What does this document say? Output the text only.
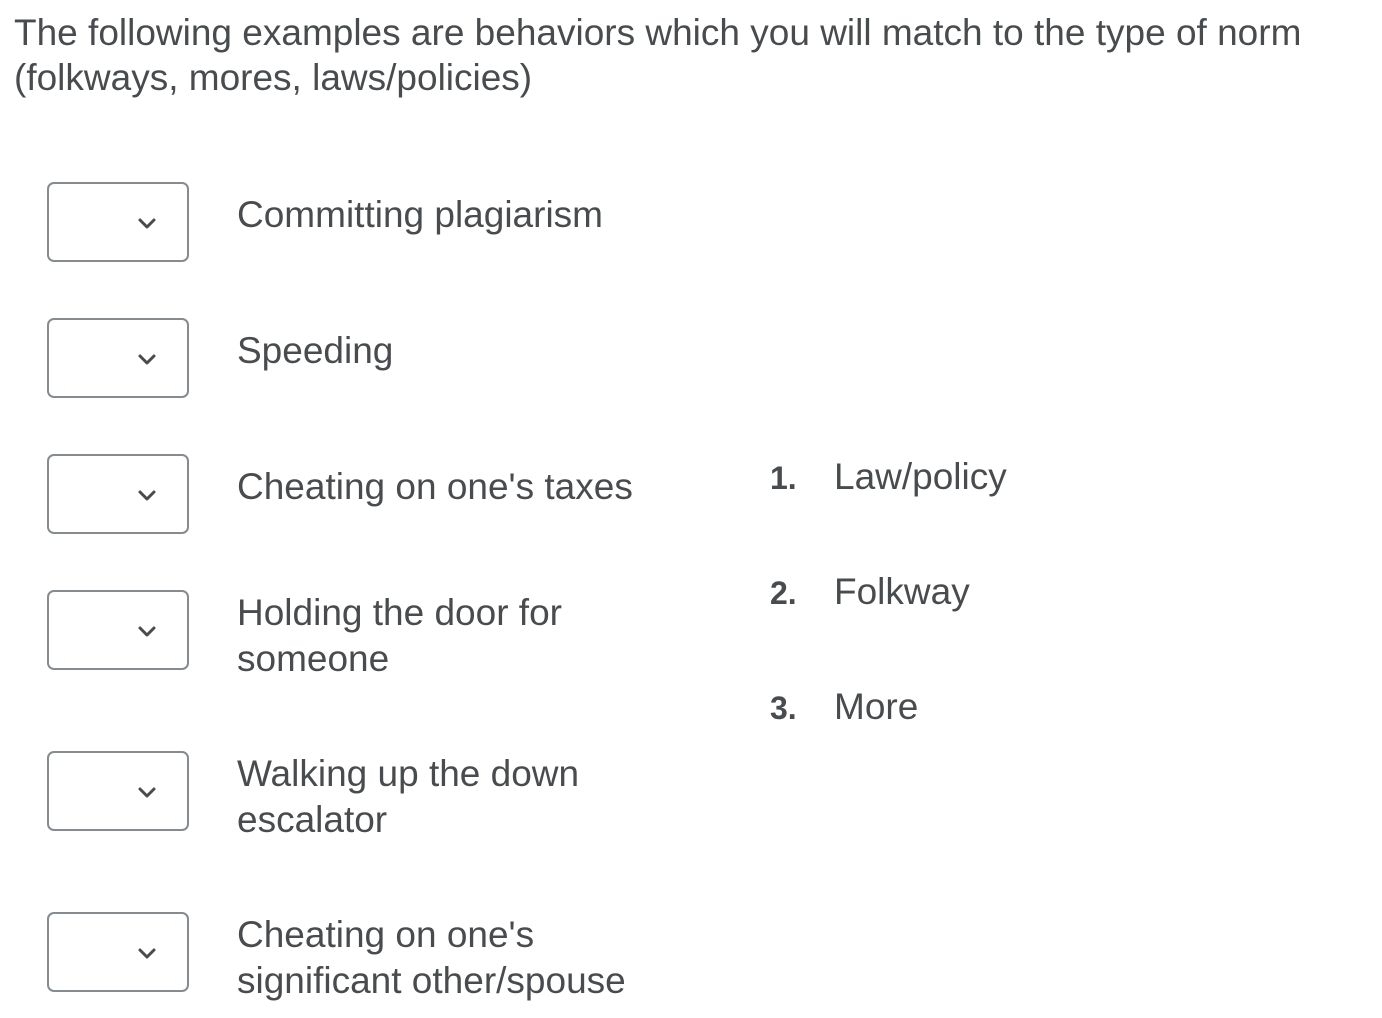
The following examples are behaviors which you will match to the type of norm (folkways, mores, laws/policies)
Committing plagiarism
Speeding
Cheating on one's taxes
Holding the door for someone
Walking up the down escalator
Cheating on one's significant other/spouse
1. Law/policy
2. Folkway
3. More
